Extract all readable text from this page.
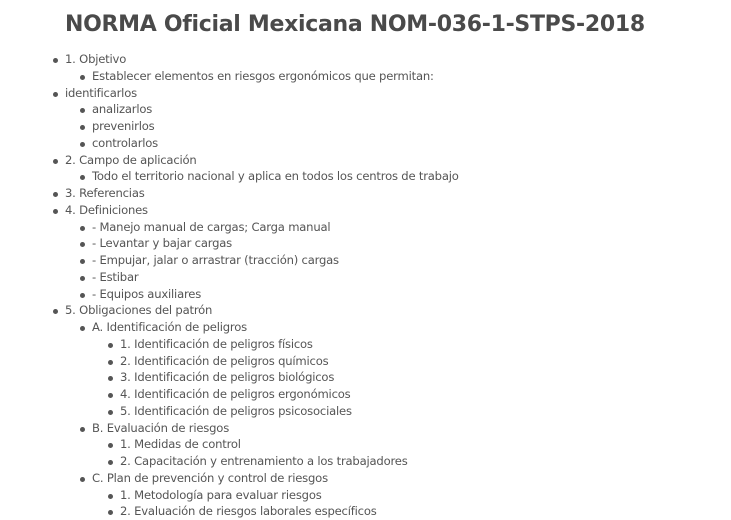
NORMA Oficial Mexicana NOM-036-1-STPS-2018
1. Objetivo
Establecer elementos en riesgos ergonómicos que permitan:
identificarlos
analizarlos
prevenirlos
controlarlos
2. Campo de aplicación
Todo el territorio nacional y aplica en todos los centros de trabajo
3. Referencias
4. Definiciones
- Manejo manual de cargas; Carga manual
- Levantar y bajar cargas
- Empujar, jalar o arrastrar (tracción) cargas
- Estibar
- Equipos auxiliares
5. Obligaciones del patrón
A. Identificación de peligros
1. Identificación de peligros físicos
2. Identificación de peligros químicos
3. Identificación de peligros biológicos
4. Identificación de peligros ergonómicos
5. Identificación de peligros psicosociales
B. Evaluación de riesgos
1. Medidas de control
2. Capacitación y entrenamiento a los trabajadores
C. Plan de prevención y control de riesgos
1. Metodología para evaluar riesgos
2. Evaluación de riesgos laborales específicos
